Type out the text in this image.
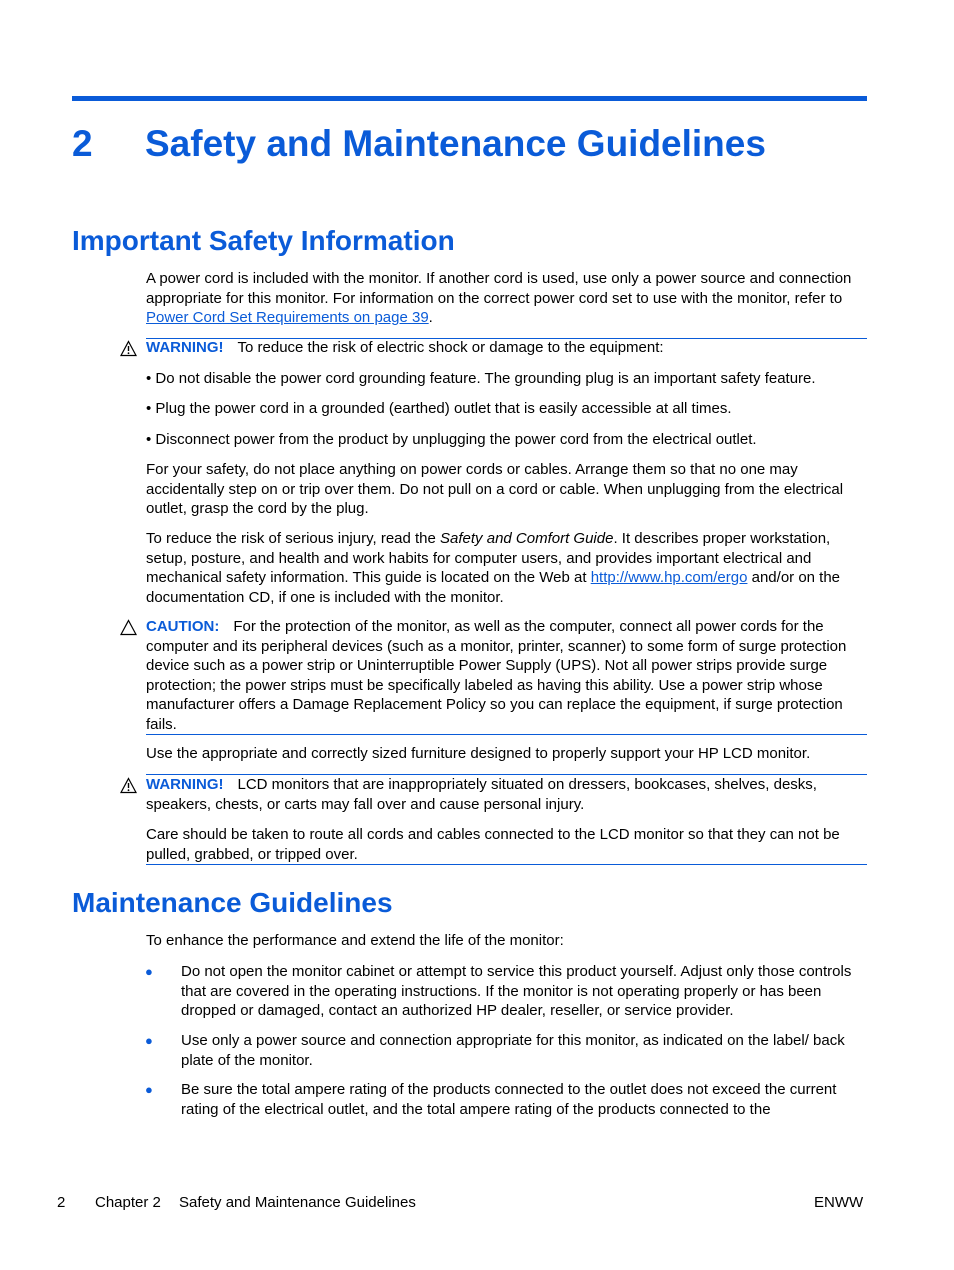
2 Safety and Maintenance Guidelines
Important Safety Information

A power cord is included with the monitor. If another cord is used, use only a power source and connection appropriate for this monitor. For information on the correct power cord set to use with the monitor, refer to Power Cord Set Requirements on page 39.

WARNING! To reduce the risk of electric shock or damage to the equipment:

• Do not disable the power cord grounding feature. The grounding plug is an important safety feature.

• Plug the power cord in a grounded (earthed) outlet that is easily accessible at all times.

• Disconnect power from the product by unplugging the power cord from the electrical outlet.

For your safety, do not place anything on power cords or cables. Arrange them so that no one may accidentally step on or trip over them. Do not pull on a cord or cable. When unplugging from the electrical outlet, grasp the cord by the plug.

To reduce the risk of serious injury, read the Safety and Comfort Guide. It describes proper workstation, setup, posture, and health and work habits for computer users, and provides important electrical and mechanical safety information. This guide is located on the Web at http://www.hp.com/ergo and/or on the documentation CD, if one is included with the monitor.

CAUTION: For the protection of the monitor, as well as the computer, connect all power cords for the computer and its peripheral devices (such as a monitor, printer, scanner) to some form of surge protection device such as a power strip or Uninterruptible Power Supply (UPS). Not all power strips provide surge protection; the power strips must be specifically labeled as having this ability. Use a power strip whose manufacturer offers a Damage Replacement Policy so you can replace the equipment, if surge protection fails.

Use the appropriate and correctly sized furniture designed to properly support your HP LCD monitor.

WARNING! LCD monitors that are inappropriately situated on dressers, bookcases, shelves, desks, speakers, chests, or carts may fall over and cause personal injury.

Care should be taken to route all cords and cables connected to the LCD monitor so that they can not be pulled, grabbed, or tripped over.

Maintenance Guidelines

To enhance the performance and extend the life of the monitor:

● Do not open the monitor cabinet or attempt to service this product yourself. Adjust only those controls that are covered in the operating instructions. If the monitor is not operating properly or has been dropped or damaged, contact an authorized HP dealer, reseller, or service provider.

● Use only a power source and connection appropriate for this monitor, as indicated on the label/ back plate of the monitor.

● Be sure the total ampere rating of the products connected to the outlet does not exceed the current rating of the electrical outlet, and the total ampere rating of the products connected to the

2 Chapter 2 Safety and Maintenance Guidelines	ENWW
